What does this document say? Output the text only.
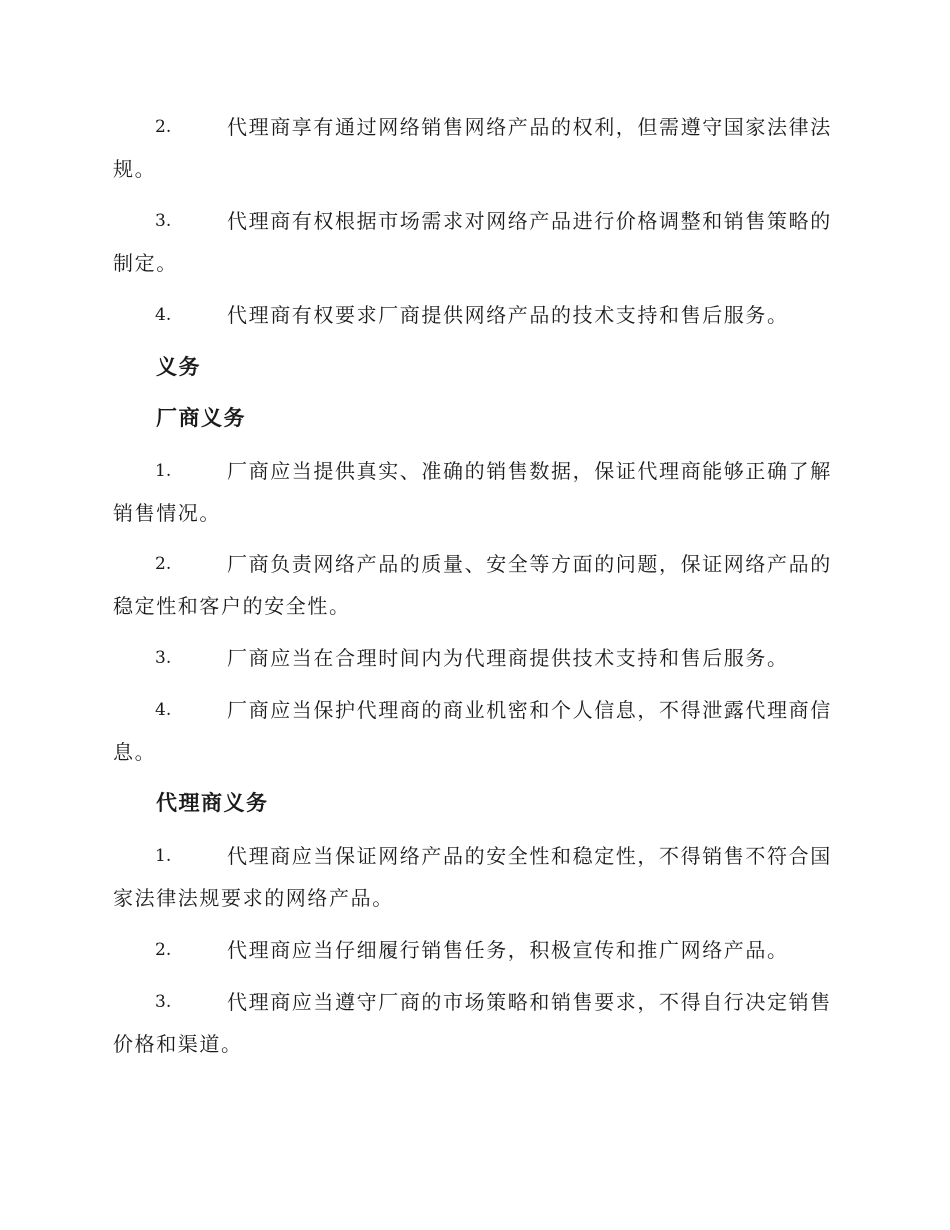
2.	代理商享有通过网络销售网络产品的权利，但需遵守国家法律法
规。
3.	代理商有权根据市场需求对网络产品进行价格调整和销售策略的
制定。
4.	代理商有权要求厂商提供网络产品的技术支持和售后服务。
义务
厂商义务
1.	厂商应当提供真实、准确的销售数据，保证代理商能够正确了解
销售情况。
2.	厂商负责网络产品的质量、安全等方面的问题，保证网络产品的
稳定性和客户的安全性。
3.	厂商应当在合理时间内为代理商提供技术支持和售后服务。
4.	厂商应当保护代理商的商业机密和个人信息，不得泄露代理商信
息。
代理商义务
1.	代理商应当保证网络产品的安全性和稳定性，不得销售不符合国
家法律法规要求的网络产品。
2.	代理商应当仔细履行销售任务，积极宣传和推广网络产品。
3.	代理商应当遵守厂商的市场策略和销售要求，不得自行决定销售
价格和渠道。
